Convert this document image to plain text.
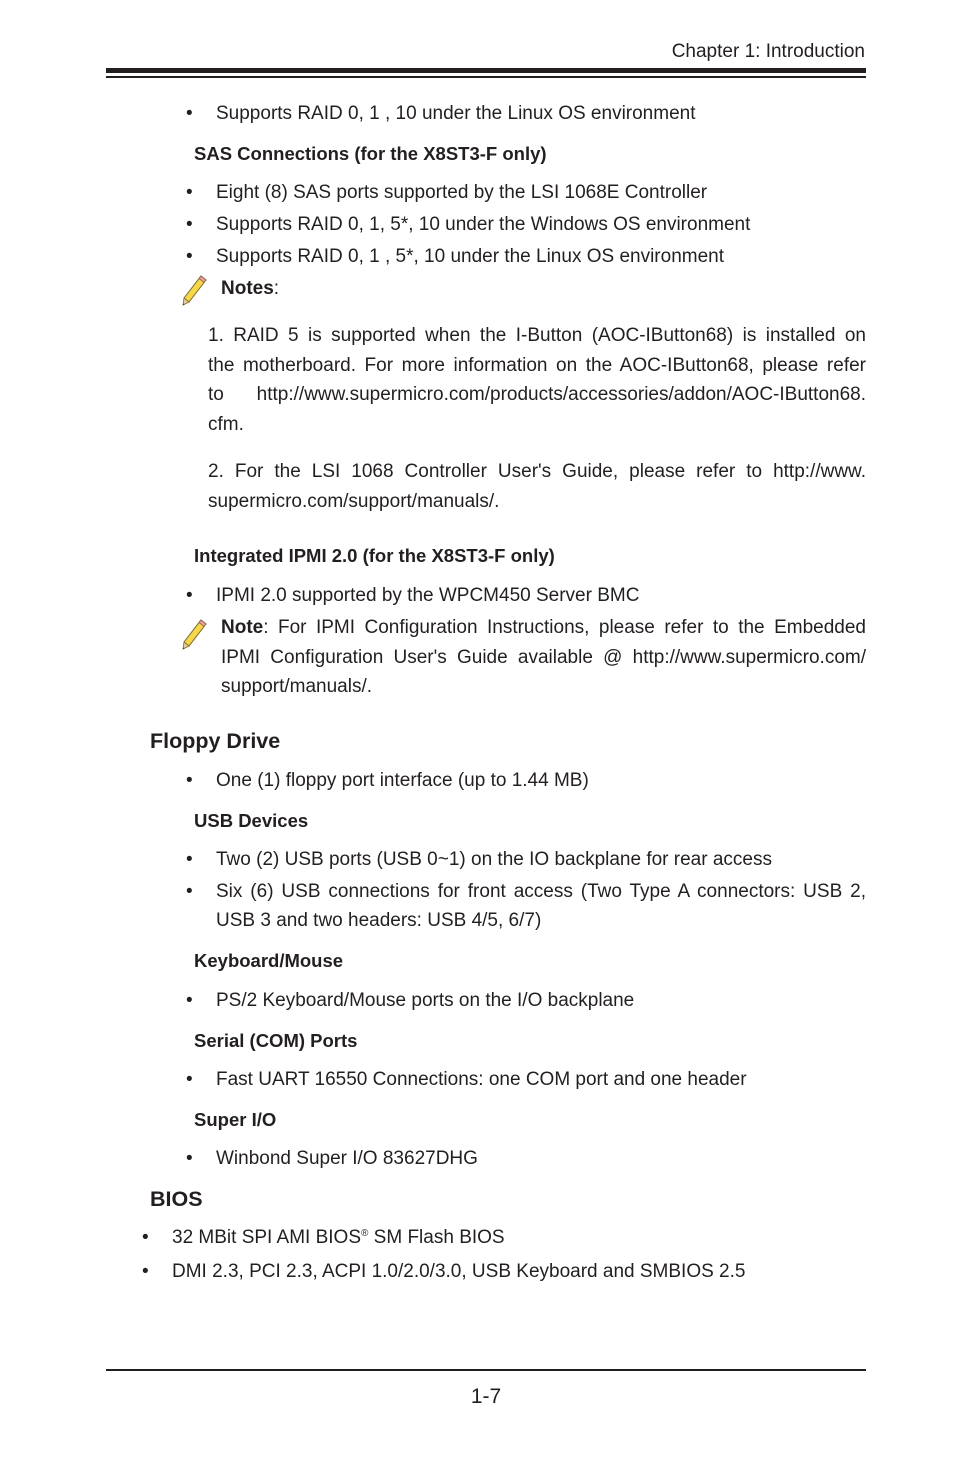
Chapter 1: Introduction
• Supports RAID 0, 1 , 10 under the Linux OS environment
SAS Connections (for the X8ST3-F only)
• Eight (8) SAS ports supported by the LSI 1068E Controller
• Supports RAID 0, 1, 5*, 10 under the Windows OS environment
• Supports RAID 0, 1 , 5*, 10 under the Linux OS environment
Notes:
1. RAID 5 is supported when the I-Button (AOC-IButton68) is installed on
the motherboard. For more information on the AOC-IButton68, please refer
to http://www.supermicro.com/products/accessories/addon/AOC-IButton68.
cfm.
2. For the LSI 1068 Controller User's Guide, please refer to http://www.
supermicro.com/support/manuals/.
Integrated IPMI 2.0 (for the X8ST3-F only)
• IPMI 2.0 supported by the WPCM450 Server BMC
Note: For IPMI Configuration Instructions, please refer to the Embedded
IPMI Configuration User's Guide available @ http://www.supermicro.com/
support/manuals/.
Floppy Drive
• One (1) floppy port interface (up to 1.44 MB)
USB Devices
• Two (2) USB ports (USB 0~1) on the IO backplane for rear access
• Six (6) USB connections for front access (Two Type A connectors: USB 2,
USB 3 and two headers: USB 4/5, 6/7)
Keyboard/Mouse
• PS/2 Keyboard/Mouse ports on the I/O backplane
Serial (COM) Ports
• Fast UART 16550 Connections: one COM port and one header
Super I/O
• Winbond Super I/O 83627DHG
BIOS
• 32 MBit SPI AMI BIOS® SM Flash BIOS
• DMI 2.3, PCI 2.3, ACPI 1.0/2.0/3.0, USB Keyboard and SMBIOS 2.5
1-7
